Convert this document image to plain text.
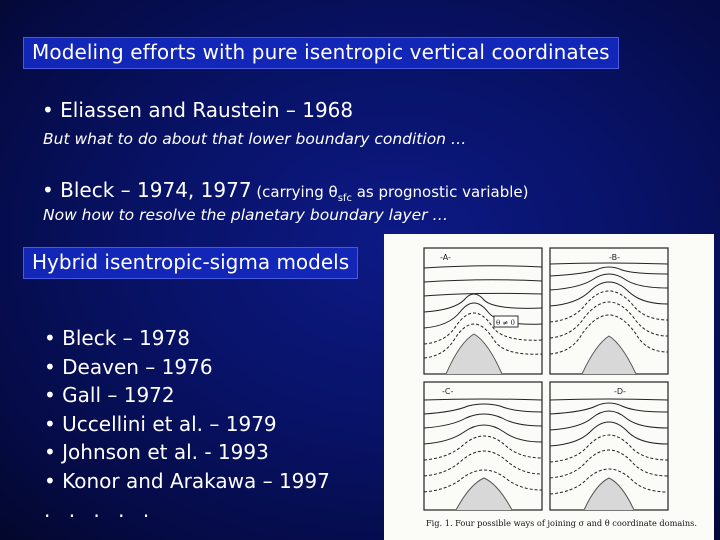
Modeling efforts with pure isentropic vertical coordinates
• Eliassen and Raustein – 1968
But what to do about that lower boundary condition …
• Bleck – 1974, 1977 (carrying $\theta_{sfc}$ as prognostic variable)
Now how to resolve the planetary boundary layer …
Hybrid isentropic-sigma models
• Bleck – 1978
• Deaven – 1976
• Gall – 1972
• Uccellini et al. – 1979
• Johnson et al. - 1993
• Konor and Arakawa – 1997
. . . . .
-A-
θ ≠ 0
-B-
-C-	-D-
Fig. 1. Four possible ways of joining σ and θ coordinate domains.
